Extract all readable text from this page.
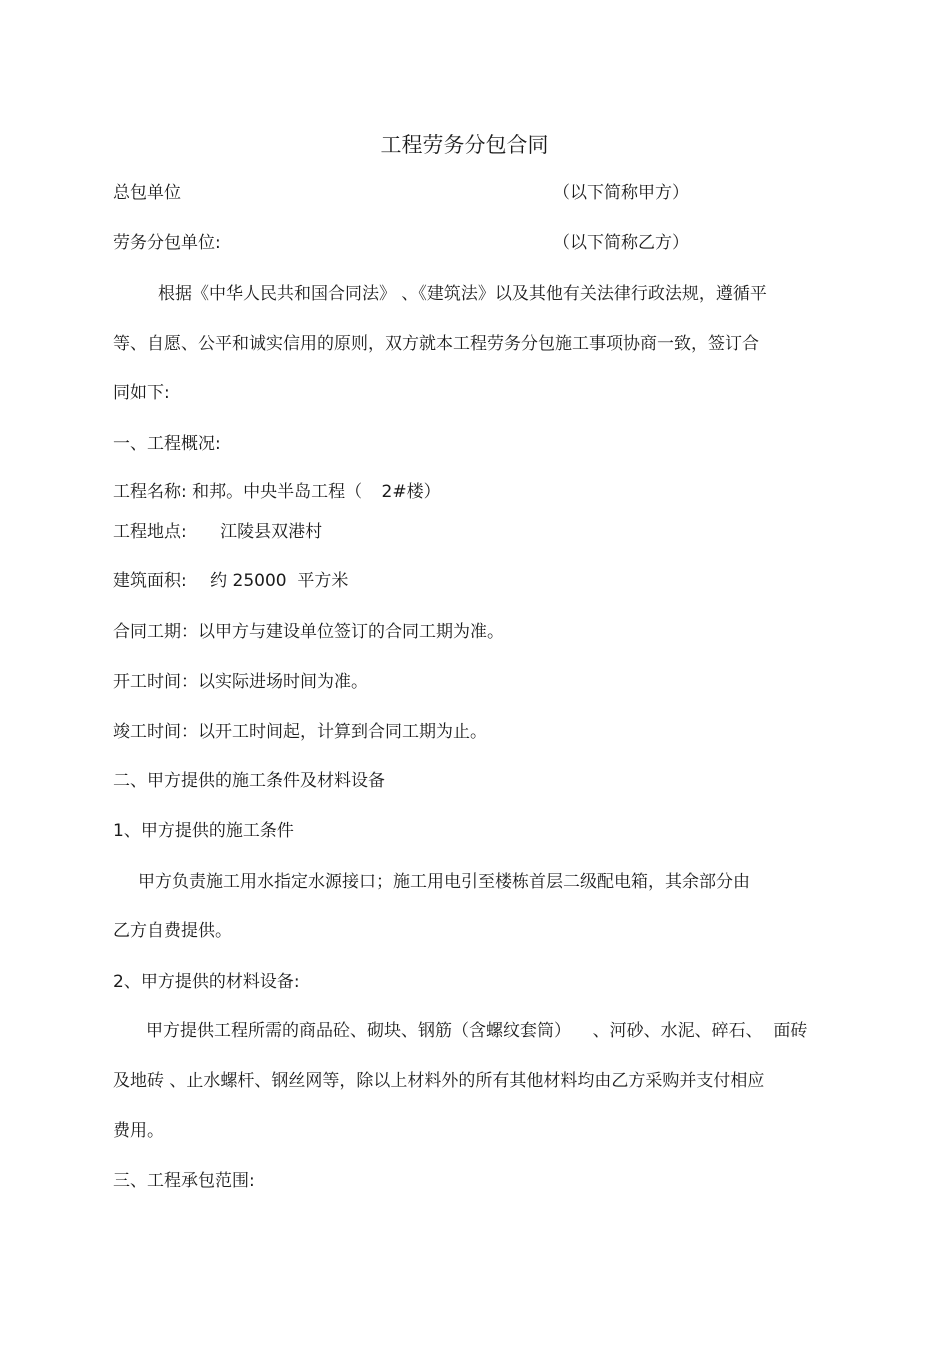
工程劳务分包合同
总包单位	（以下简称甲方）
劳务分包单位:	（以下简称乙方）
根据《中华人民共和国合同法》 、《建筑法》以及其他有关法律行政法规，遵循平
等、自愿、公平和诚实信用的原则，双方就本工程劳务分包施工事项协商一致，签订合
同如下:
一、工程概况:
工程名称: 和邦。中央半岛工程（ 2#楼）
工程地点: 江陵县双港村
建筑面积: 约 25000  平方米
合同工期：以甲方与建设单位签订的合同工期为准。
开工时间：以实际进场时间为准。
竣工时间：以开工时间起，计算到合同工期为止。
二、甲方提供的施工条件及材料设备
1、甲方提供的施工条件
甲方负责施工用水指定水源接口；施工用电引至楼栋首层二级配电箱，其余部分由
乙方自费提供。
2、甲方提供的材料设备:
甲方提供工程所需的商品砼、砌块、钢筋（含螺纹套筒）    、河砂、水泥、碎石、  面砖
及地砖 、止水螺杆、钢丝网等，除以上材料外的所有其他材料均由乙方采购并支付相应
费用。
三、工程承包范围:
